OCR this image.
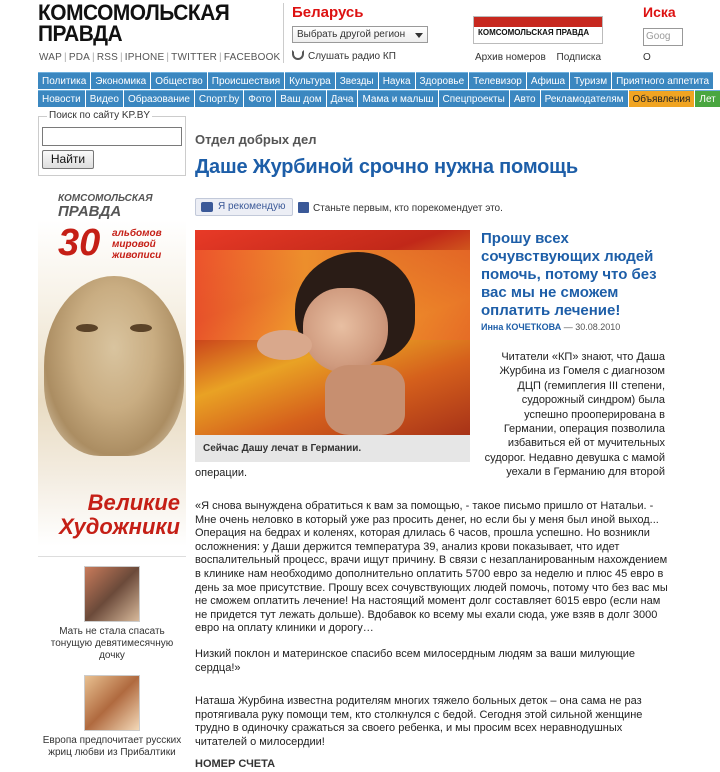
КОМСОМОЛЬСКАЯ
ПРАВДА
WAP | PDA | RSS | IPHONE | TWITTER | FACEBOOK
Беларусь
Выбрать другой регион
Слушать радио КП
КОМСОМОЛЬСКАЯ ПРАВДА
Архив номеров Подписка
Иска
Goog
О
Политика Экономика Общество Происшествия Культура Звезды Наука Здоровье Телевизор Афиша Туризм Приятного аппетита
Новости Видео Образование Спорт.by Фото Ваш дом Дача Мама и малыш Спецпроекты Авто Рекламодателям Объявления Лет
Поиск по сайту KP.BY
Найти
КОМСОМОЛЬСКАЯ
ПРАВДА
30 альбомов
мировой
живописи
Великие
Художники
Мать не стала спасать тонущую девятимесячную дочку
Европа предпочитает русских жриц любви из Прибалтики
Отдел добрых дел
Даше Журбиной срочно нужна помощь
Я рекомендую	Станьте первым, кто порекомендует это.
Сейчас Дашу лечат в Германии.
Прошу всех сочувствующих людей помочь, потому что без вас мы не сможем оплатить лечение!
Инна КОЧЕТКОВА — 30.08.2010
Читатели «КП» знают, что Даша Журбина из Гомеля с диагнозом ДЦП (гемиплегия III степени, судорожный синдром) была успешно прооперирована в Германии, операция позволила избавиться ей от мучительных судорог. Недавно девушка с мамой уехали в Германию для второй
операции.

«Я снова вынуждена обратиться к вам за помощью, - такое письмо пришло от Натальи. - Мне очень неловко в который уже раз просить денег, но если бы у меня был иной выход... Операция на бедрах и коленях, которая длилась 6 часов, прошла успешно. Но возникли осложнения: у Даши держится температура 39, анализ крови показывает, что идет воспалительный процесс, врачи ищут причину. В связи с незапланированным нахождением в клинике нам необходимо дополнительно оплатить 5700 евро за неделю и плюс 45 евро в день за мое присутствие. Прошу всех сочувствующих людей помочь, потому что без вас мы не сможем оплатить лечение! На настоящий момент долг составляет 6015 евро (если нам не придется тут лежать дольше). Вдобавок ко всему мы ехали сюда, уже взяв в долг 3000 евро на оплату клиники и дорогу…

Низкий поклон и материнское спасибо всем милосердным людям за ваши милующие сердца!»

Наташа Журбина известна родителям многих тяжело больных деток – она сама не раз протягивала руку помощи тем, кто столкнулся с бедой. Сегодня этой сильной женщине трудно в одиночку сражаться за своего ребенка, и мы просим всех неравнодушных читателей о милосердии!

НОМЕР СЧЕТА
